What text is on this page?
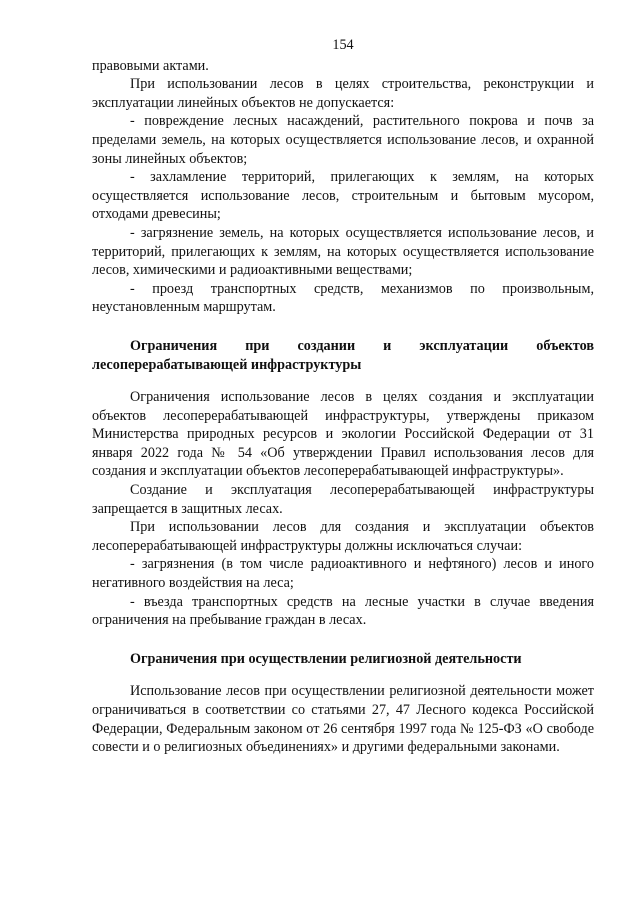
154

правовыми актами.

При использовании лесов в целях строительства, реконструкции и эксплуатации линейных объектов не допускается:

- повреждение лесных насаждений, растительного покрова и почв за пределами земель, на которых осуществляется использование лесов, и охранной зоны линейных объектов;

- захламление территорий, прилегающих к землям, на которых осуществляется использование лесов, строительным и бытовым мусором, отходами древесины;

- загрязнение земель, на которых осуществляется использование лесов, и территорий, прилегающих к землям, на которых осуществляется использование лесов, химическими и радиоактивными веществами;

- проезд транспортных средств, механизмов по произвольным, неустановленным маршрутам.

Ограничения при создании и эксплуатации объектов лесоперерабатывающей инфраструктуры

Ограничения использование лесов в целях создания и эксплуатации объектов лесоперерабатывающей инфраструктуры, утверждены приказом Министерства природных ресурсов и экологии Российской Федерации от 31 января 2022 года № 54 «Об утверждении Правил использования лесов для создания и эксплуатации объектов лесоперерабатывающей инфраструктуры».

Создание и эксплуатация лесоперерабатывающей инфраструктуры запрещается в защитных лесах.

При использовании лесов для создания и эксплуатации объектов лесоперерабатывающей инфраструктуры должны исключаться случаи:

- загрязнения (в том числе радиоактивного и нефтяного) лесов и иного негативного воздействия на леса;

- въезда транспортных средств на лесные участки в случае введения ограничения на пребывание граждан в лесах.

Ограничения при осуществлении религиозной деятельности

Использование лесов при осуществлении религиозной деятельности может ограничиваться в соответствии со статьями 27, 47 Лесного кодекса Российской Федерации, Федеральным законом от 26 сентября 1997 года № 125-ФЗ «О свободе совести и о религиозных объединениях» и другими федеральными законами.
